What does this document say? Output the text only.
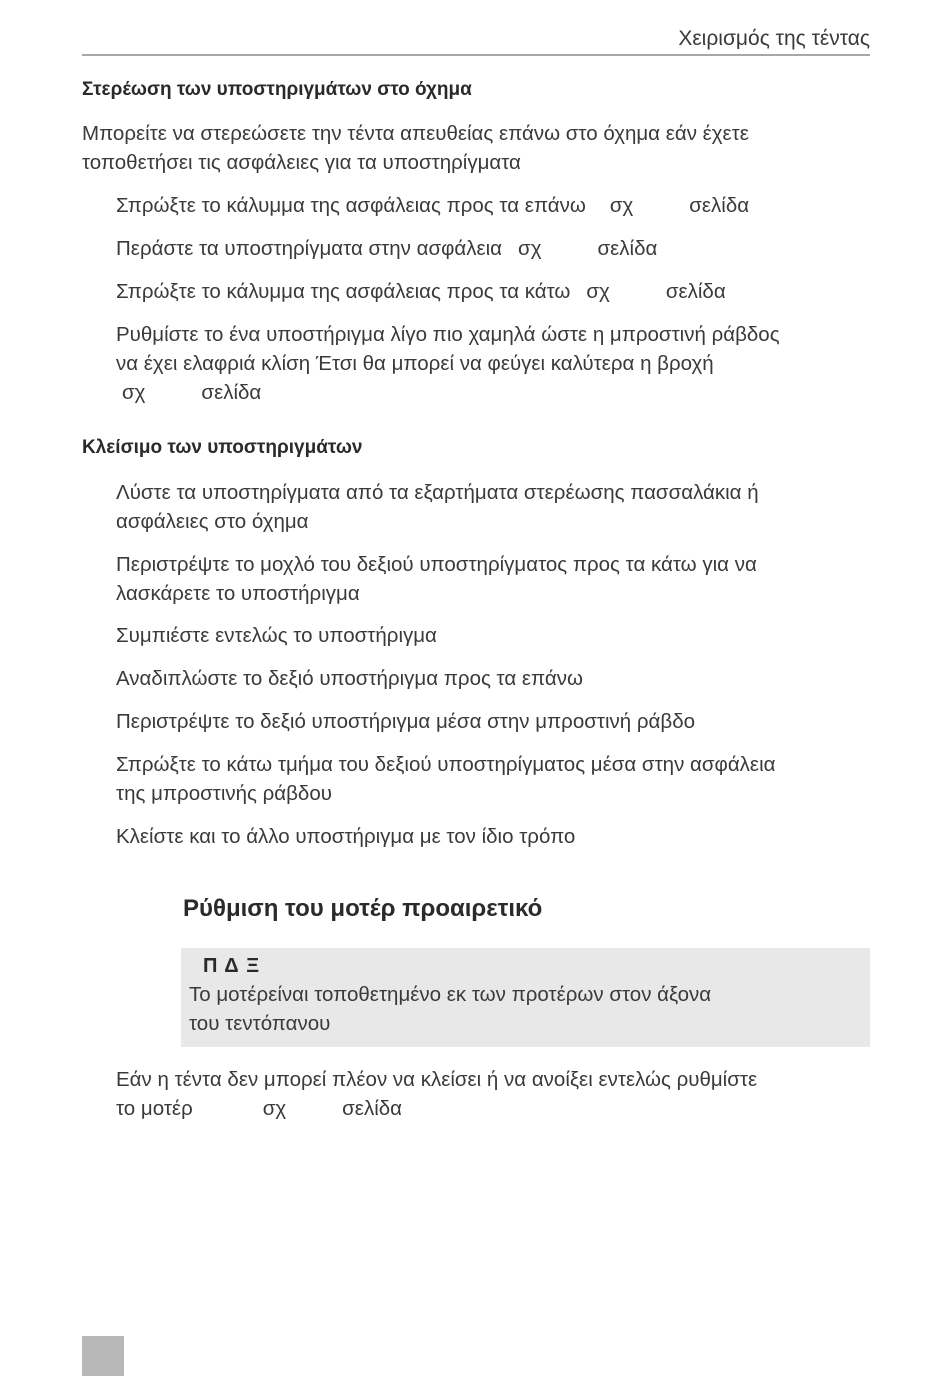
Χειρισμός της τέντας
Στερέωση των υποστηριγμάτων στο όχημα

Μπορείτε να στερεώσετε την τέντα απευθείας επάνω στο όχημα εάν έχετε

τοποθετήσει τις ασφάλειες για τα υποστηρίγματα

Σπρώξτε το κάλυμμα της ασφάλειας προς τα επάνω σχ	σελίδα

Περάστε τα υποστηρίγματα στην ασφάλεια σχ	σελίδα

Σπρώξτε το κάλυμμα της ασφάλειας προς τα κάτω σχ	σελίδα

Ρυθμίστε το ένα υποστήριγμα λίγο πιο χαμηλά ώστε η μπροστινή ράβδος

να έχει ελαφριά κλίση Έτσι θα μπορεί να φεύγει καλύτερα η βροχή

σχ	σελίδα

Κλείσιμο των υποστηριγμάτων

Λύστε τα υποστηρίγματα από τα εξαρτήματα στερέωσης πασσαλάκια ή

ασφάλειες στο όχημα

Περιστρέψτε το μοχλό του δεξιού υποστηρίγματος προς τα κάτω για να

λασκάρετε το υποστήριγμα

Συμπιέστε εντελώς το υποστήριγμα

Αναδιπλώστε το δεξιό υποστήριγμα προς τα επάνω

Περιστρέψτε το δεξιό υποστήριγμα μέσα στην μπροστινή ράβδο

Σπρώξτε το κάτω τμήμα του δεξιού υποστηρίγματος μέσα στην ασφάλεια

της μπροστινής ράβδου

Κλείστε και το άλλο υποστήριγμα με τον ίδιο τρόπο

Ρύθμιση του μοτέρ προαιρετικό
Π Δ Ξ
Το μοτέρείναι τοποθετημένο εκ των προτέρων στον άξονα
του τεντόπανου

Εάν η τέντα δεν μπορεί πλέον να κλείσει ή να ανοίξει εντελώς ρυθμίστε

το μοτέρ	σχ	σελίδα
